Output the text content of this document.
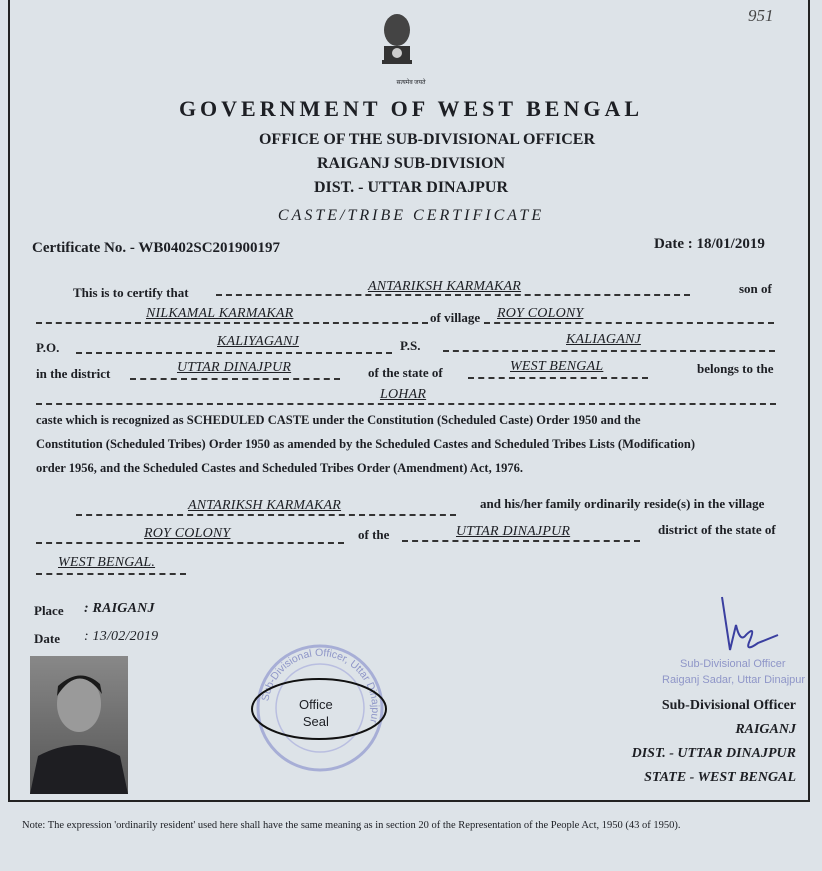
951
सत्यमेव जयते
GOVERNMENT OF WEST BENGAL
OFFICE OF THE SUB-DIVISIONAL OFFICER
RAIGANJ SUB-DIVISION
DIST. - UTTAR DINAJPUR
CASTE/TRIBE CERTIFICATE
Certificate No. - WB0402SC201900197	Date : 18/01/2019
This is to certify that	ANTARIKSH KARMAKAR	son of
NILKAMAL KARMAKAR	of village ROY COLONY
P.O.	KALIYAGANJ	P.S.	KALIAGANJ
in the district	UTTAR DINAJPUR	of the state of	WEST BENGAL	belongs to the
LOHAR
caste which is recognized as SCHEDULED CASTE under the Constitution (Scheduled Caste) Order 1950 and the
Constitution (Scheduled Tribes) Order 1950 as amended by the Scheduled Castes and Scheduled Tribes Lists (Modification)
order 1956, and the Scheduled Castes and Scheduled Tribes Order (Amendment) Act, 1976.
ANTARIKSH KARMAKAR	and his/her family ordinarily reside(s) in the village
ROY COLONY	of the	UTTAR DINAJPUR	district of the state of
WEST BENGAL.
Place : RAIGANJ
Date : 13/02/2019
Sub-Divisional Officer, Uttar Dinajpur
Office
Seal
Sub-Divisional Officer
Raiganj Sadar, Uttar Dinajpur
Sub-Divisional Officer
RAIGANJ
DIST. - UTTAR DINAJPUR
STATE - WEST BENGAL
Note: The expression 'ordinarily resident' used here shall have the same meaning as in section 20 of the Representation of the People Act, 1950 (43 of 1950).
